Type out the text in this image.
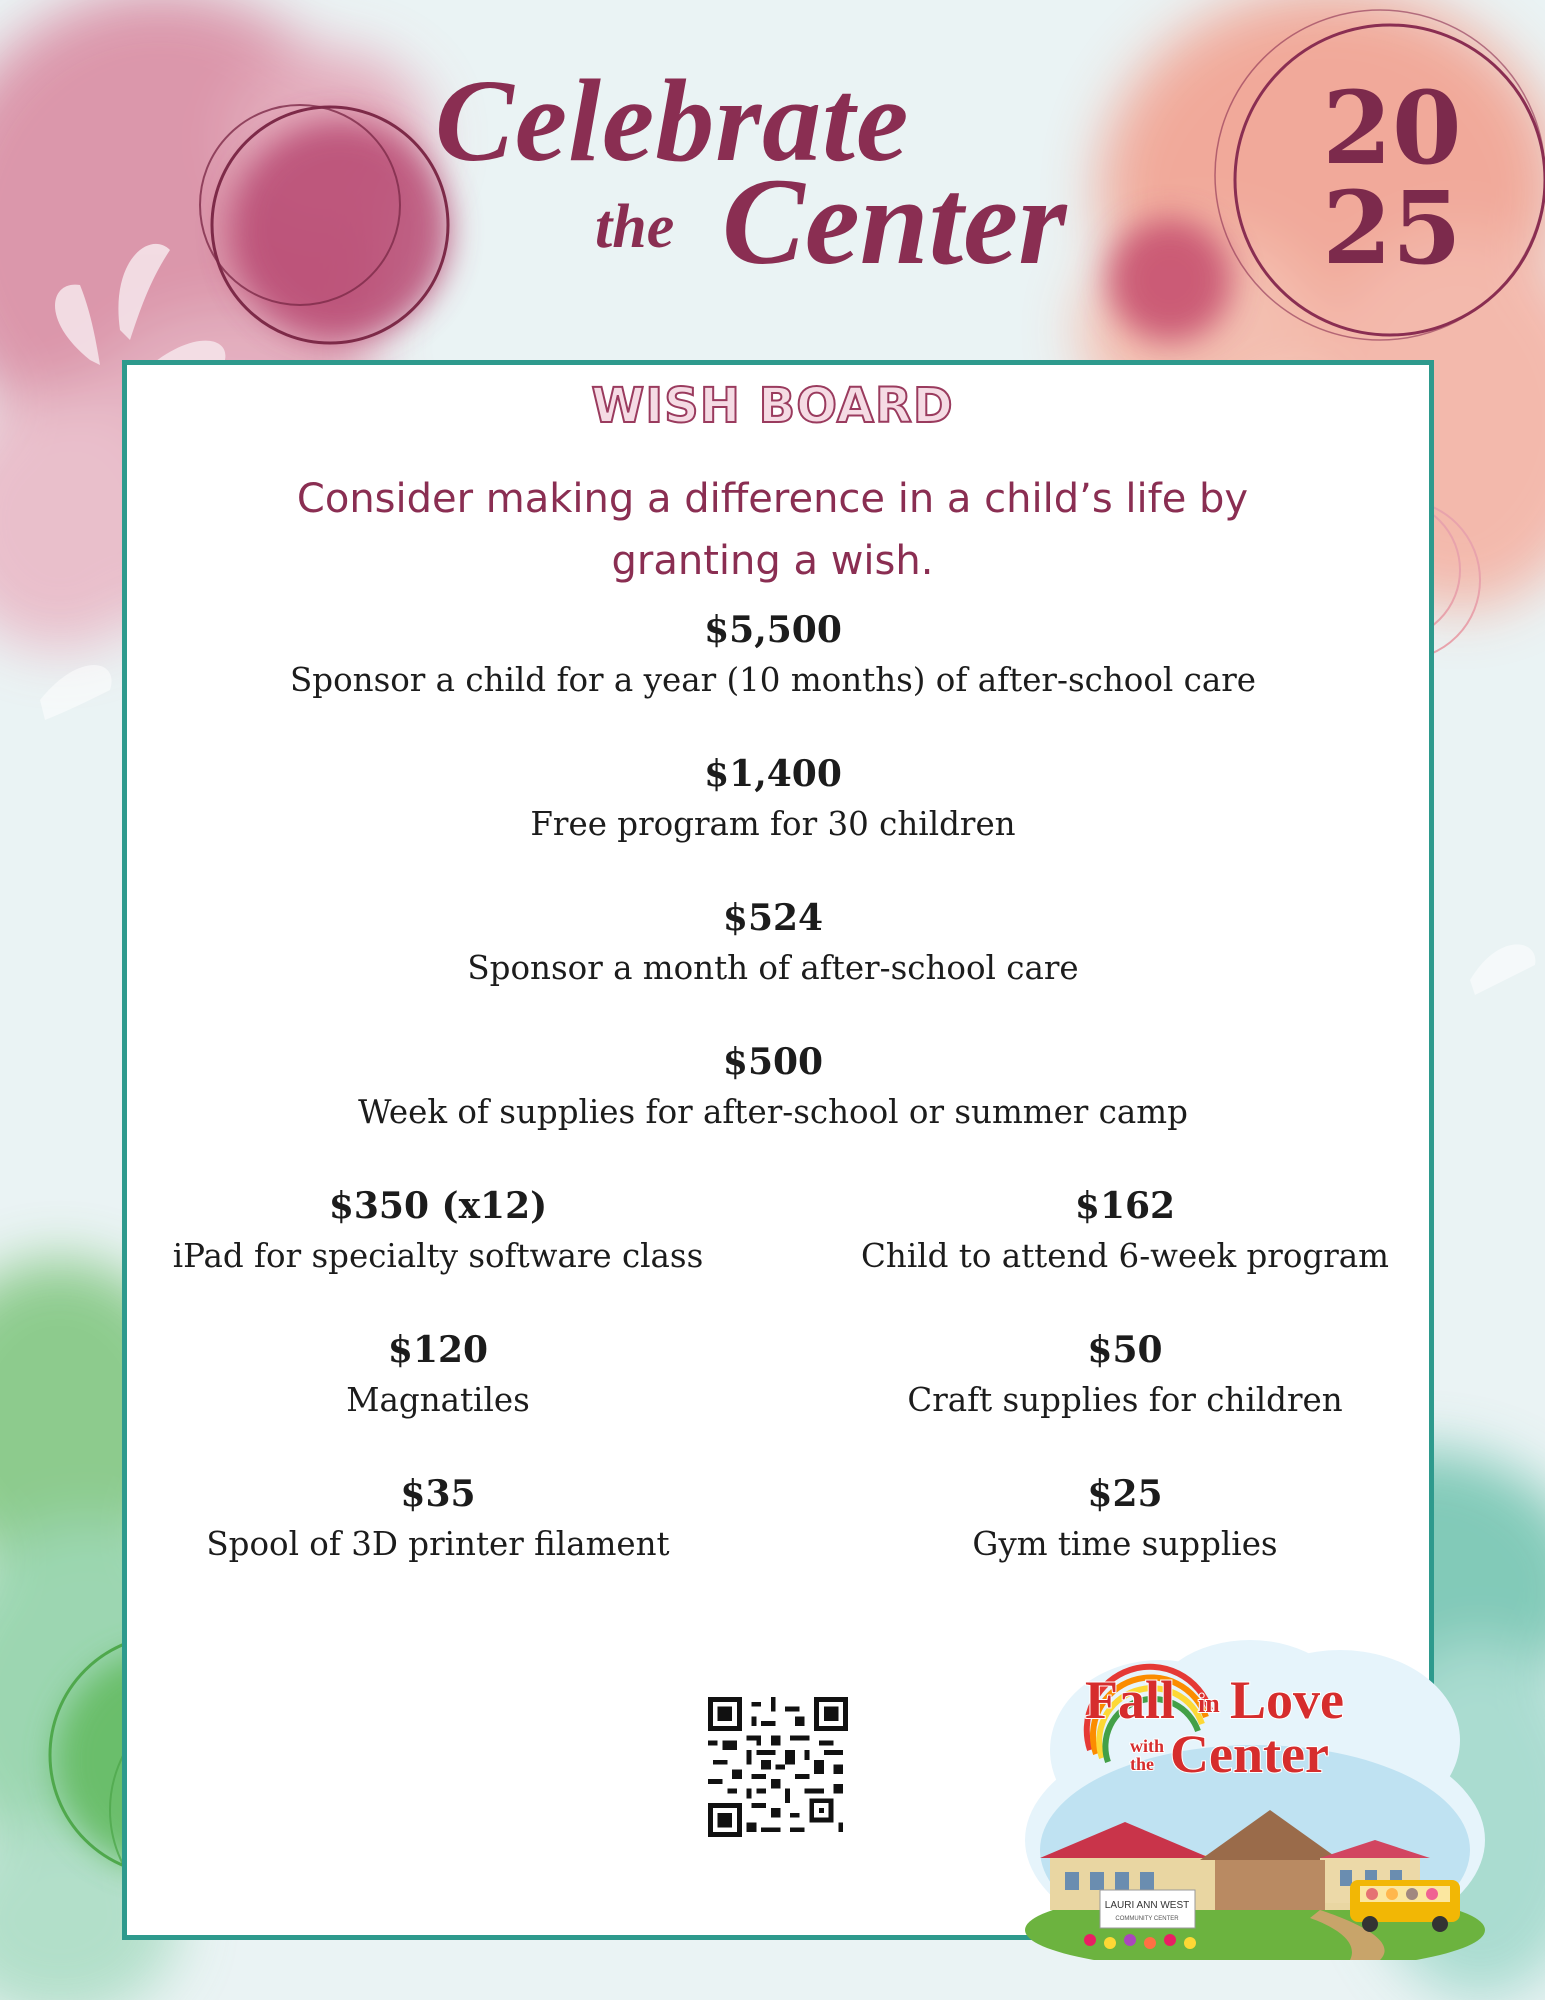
Celebrate
the Center
20
25
WISH BOARD
Consider making a difference in a child’s life by granting a wish.
$5,500
Sponsor a child for a year (10 months) of after-school care
$1,400
Free program for 30 children
$524
Sponsor a month of after-school care
$500
Week of supplies for after-school or summer camp
$350 (x12)
iPad for specialty software class
$162
Child to attend 6-week program
$120
Magnatiles
$50
Craft supplies for children
$35
Spool of 3D printer filament
$25
Gym time supplies
LAURI ANN WEST
COMMUNITY CENTER
Fall in Love
with
the Center
